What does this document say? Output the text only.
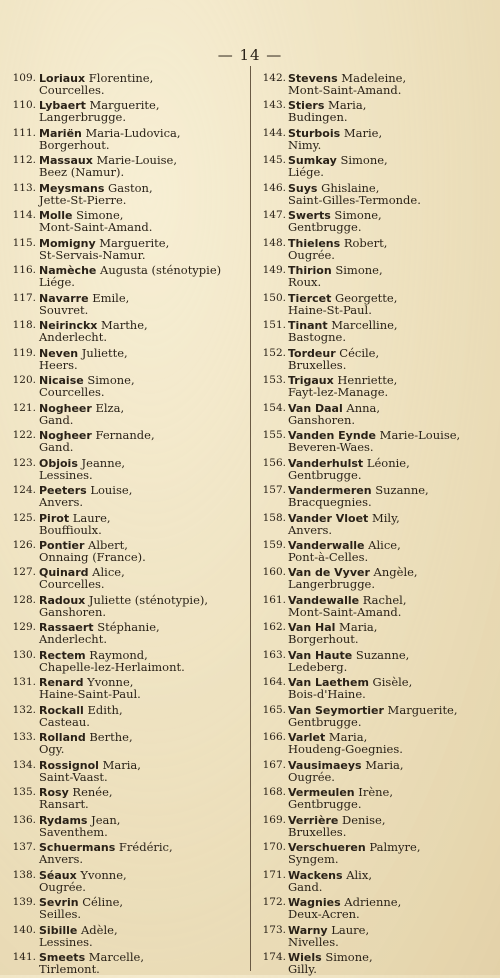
— 14 —
109. Loriaux Florentine,
Courcelles.
110. Lybaert Marguerite,
Langerbrugge.
111. Mariën Maria-Ludovica,
Borgerhout.
112. Massaux Marie-Louise,
Beez (Namur).
113. Meysmans Gaston,
Jette-St-Pierre.
114. Molle Simone,
Mont-Saint-Amand.
115. Momigny Marguerite,
St-Servais-Namur.
116. Namèche Augusta (sténotypie)
Liége.
117. Navarre Emile,
Souvret.
118. Neirinckx Marthe,
Anderlecht.
119. Neven Juliette,
Heers.
120. Nicaise Simone,
Courcelles.
121. Nogheer Elza,
Gand.
122. Nogheer Fernande,
Gand.
123. Objois Jeanne,
Lessines.
124. Peeters Louise,
Anvers.
125. Pirot Laure,
Bouffioulx.
126. Pontier Albert,
Onnaing (France).
127. Quinard Alice,
Courcelles.
128. Radoux Juliette (sténotypie),
Ganshoren.
129. Rassaert Stéphanie,
Anderlecht.
130. Rectem Raymond,
Chapelle-lez-Herlaimont.
131. Renard Yvonne,
Haine-Saint-Paul.
132. Rockall Edith,
Casteau.
133. Rolland Berthe,
Ogy.
134. Rossignol Maria,
Saint-Vaast.
135. Rosy Renée,
Ransart.
136. Rydams Jean,
Saventhem.
137. Schuermans Frédéric,
Anvers.
138. Séaux Yvonne,
Ougrée.
139. Sevrin Céline,
Seilles.
140. Sibille Adèle,
Lessines.
141. Smeets Marcelle,
Tirlemont.
142. Stevens Madeleine,
Mont-Saint-Amand.
143. Stiers Maria,
Budingen.
144. Sturbois Marie,
Nimy.
145. Sumkay Simone,
Liége.
146. Suys Ghislaine,
Saint-Gilles-Termonde.
147. Swerts Simone,
Gentbrugge.
148. Thielens Robert,
Ougrée.
149. Thirion Simone,
Roux.
150. Tiercet Georgette,
Haine-St-Paul.
151. Tinant Marcelline,
Bastogne.
152. Tordeur Cécile,
Bruxelles.
153. Trigaux Henriette,
Fayt-lez-Manage.
154. Van Daal Anna,
Ganshoren.
155. Vanden Eynde Marie-Louise,
Beveren-Waes.
156. Vanderhulst Léonie,
Gentbrugge.
157. Vandermeren Suzanne,
Bracquegnies.
158. Vander Vloet Mily,
Anvers.
159. Vanderwalle Alice,
Pont-à-Celles.
160. Van de Vyver Angèle,
Langerbrugge.
161. Vandewalle Rachel,
Mont-Saint-Amand.
162. Van Hal Maria,
Borgerhout.
163. Van Haute Suzanne,
Ledeberg.
164. Van Laethem Gisèle,
Bois-d'Haine.
165. Van Seymortier Marguerite,
Gentbrugge.
166. Varlet Maria,
Houdeng-Goegnies.
167. Vausimaeys Maria,
Ougrée.
168. Vermeulen Irène,
Gentbrugge.
169. Verrière Denise,
Bruxelles.
170. Verschueren Palmyre,
Syngem.
171. Wackens Alix,
Gand.
172. Wagnies Adrienne,
Deux-Acren.
173. Warny Laure,
Nivelles.
174. Wiels Simone,
Gilly.
